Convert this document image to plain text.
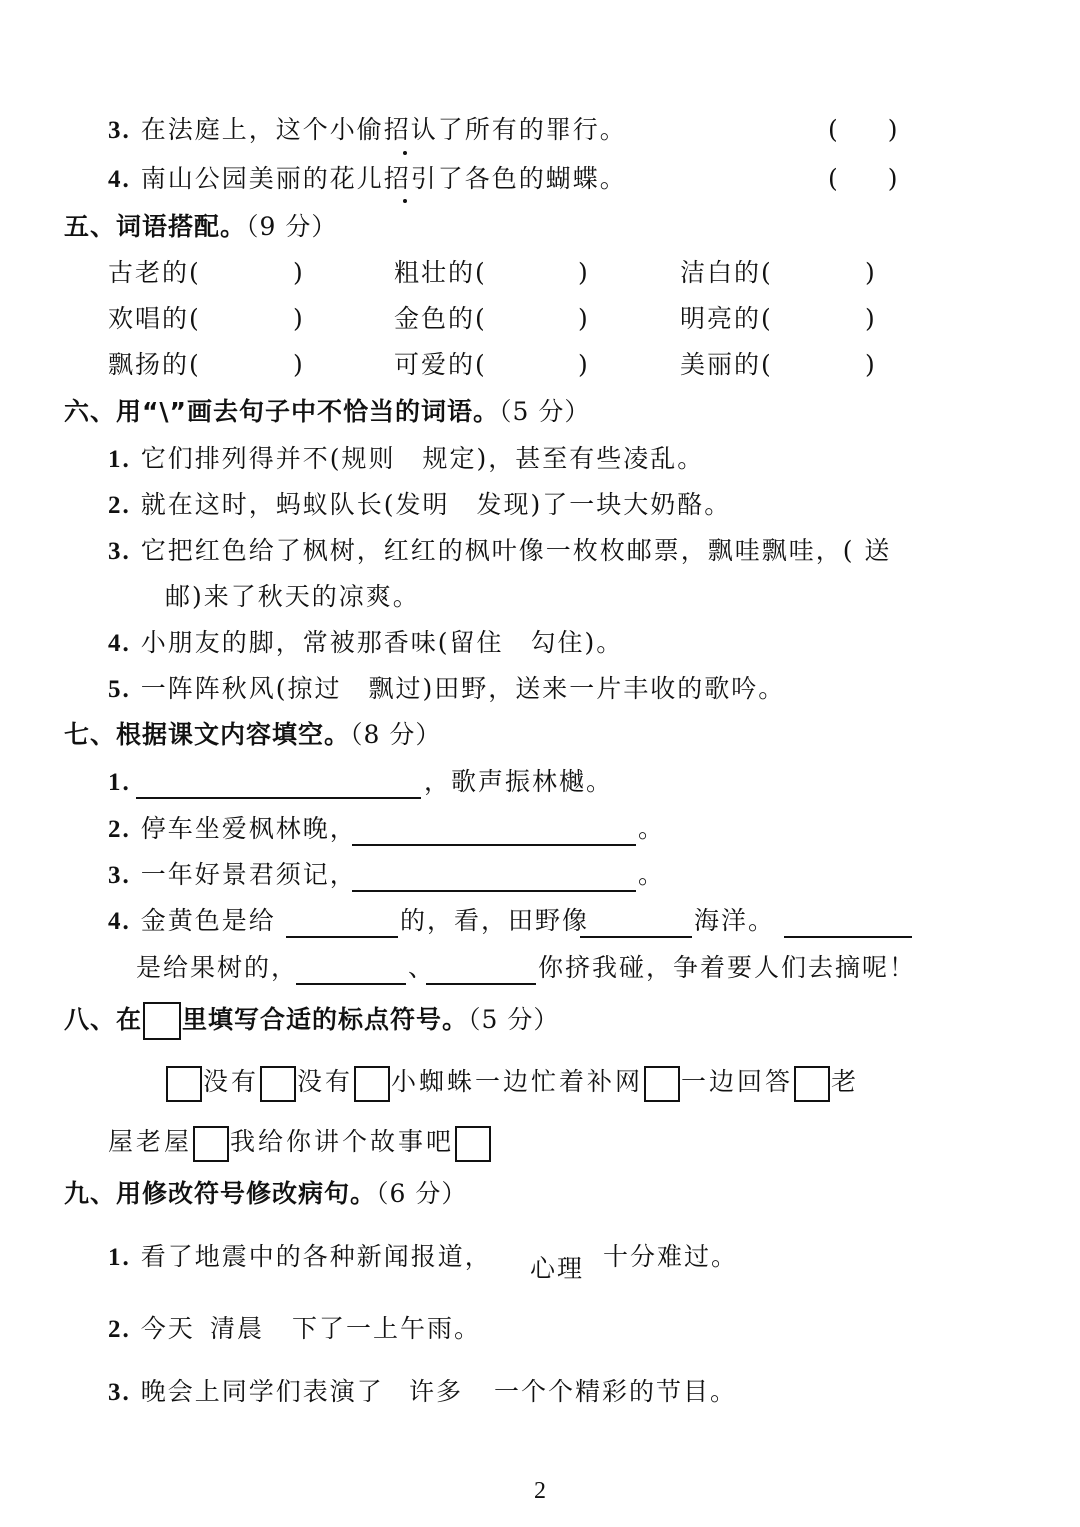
3. 在法庭上，这个小偷招认了所有的罪行。	(　　)
4. 南山公园美丽的花儿招引了各色的蝴蝶。	(　　)
五、词语搭配。（9 分）
古老的(	)	粗壮的(	)	洁白的(	)
欢唱的(	)	金色的(	)	明亮的(	)
飘扬的(	)	可爱的(	)	美丽的(	)
六、用“\”画去句子中不恰当的词语。（5 分）
1. 它们排列得并不(规则　规定)，甚至有些凌乱。
2. 就在这时，蚂蚁队长(发明　发现)了一块大奶酪。
3. 它把红色给了枫树，红红的枫叶像一枚枚邮票，飘哇飘哇，( 送
邮)来了秋天的凉爽。
4. 小朋友的脚，常被那香味(留住　勾住)。
5. 一阵阵秋风(掠过　飘过)田野，送来一片丰收的歌吟。
七、根据课文内容填空。（8 分）
1.	，歌声振林樾。
2. 停车坐爱枫林晚，	。
3. 一年好景君须记，	。
4. 金黄色是给	的，看，田野像	海洋。
是给果树的，	、	你挤我碰，争着要人们去摘呢！
八、在 里填写合适的标点符号。（5 分）
没有 没有 小蜘蛛一边忙着补网 一边回答 老
屋老屋 我给你讲个故事吧
九、用修改符号修改病句。（6 分）
1. 看了地震中的各种新闻报道， 心理 十分难过。
2. 今天 清晨 下了一上午雨。
3. 晚会上同学们表演了 许多 一个个精彩的节目。
2
